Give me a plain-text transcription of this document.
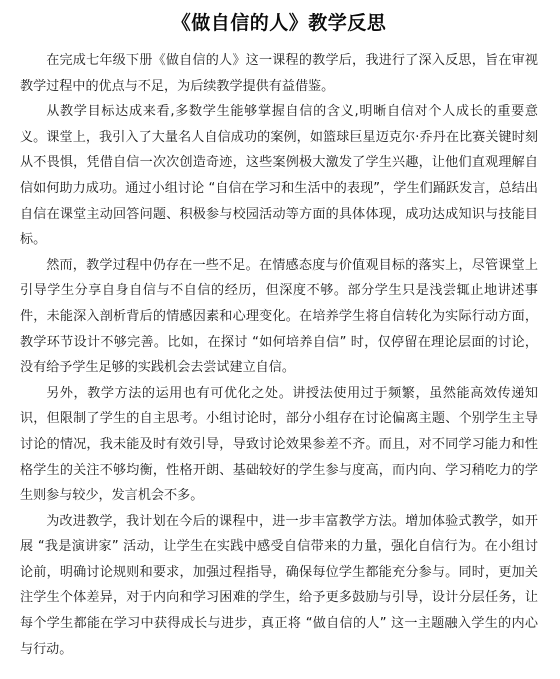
《做自信的人》教学反思

在完成七年级下册《做自信的人》这一课程的教学后，我进行了深入反思，旨在审视教学过程中的优点与不足，为后续教学提供有益借鉴。

从教学目标达成来看,多数学生能够掌握自信的含义,明晰自信对个人成长的重要意义。课堂上，我引入了大量名人自信成功的案例，如篮球巨星迈克尔·乔丹在比赛关键时刻从不畏惧，凭借自信一次次创造奇迹，这些案例极大激发了学生兴趣，让他们直观理解自信如何助力成功。通过小组讨论 “自信在学习和生活中的表现”，学生们踊跃发言，总结出自信在课堂主动回答问题、积极参与校园活动等方面的具体体现，成功达成知识与技能目标。

然而，教学过程中仍存在一些不足。在情感态度与价值观目标的落实上，尽管课堂上引导学生分享自身自信与不自信的经历，但深度不够。部分学生只是浅尝辄止地讲述事件，未能深入剖析背后的情感因素和心理变化。在培养学生将自信转化为实际行动方面，教学环节设计不够完善。比如，在探讨 “如何培养自信” 时，仅停留在理论层面的讨论，没有给予学生足够的实践机会去尝试建立自信。

另外，教学方法的运用也有可优化之处。讲授法使用过于频繁，虽然能高效传递知识，但限制了学生的自主思考。小组讨论时，部分小组存在讨论偏离主题、个别学生主导讨论的情况，我未能及时有效引导，导致讨论效果参差不齐。而且，对不同学习能力和性格学生的关注不够均衡，性格开朗、基础较好的学生参与度高，而内向、学习稍吃力的学生则参与较少，发言机会不多。

为改进教学，我计划在今后的课程中，进一步丰富教学方法。增加体验式教学，如开展 “我是演讲家” 活动，让学生在实践中感受自信带来的力量，强化自信行为。在小组讨论前，明确讨论规则和要求，加强过程指导，确保每位学生都能充分参与。同时，更加关注学生个体差异，对于内向和学习困难的学生，给予更多鼓励与引导，设计分层任务，让每个学生都能在学习中获得成长与进步，真正将 “做自信的人” 这一主题融入学生的内心与行动。
